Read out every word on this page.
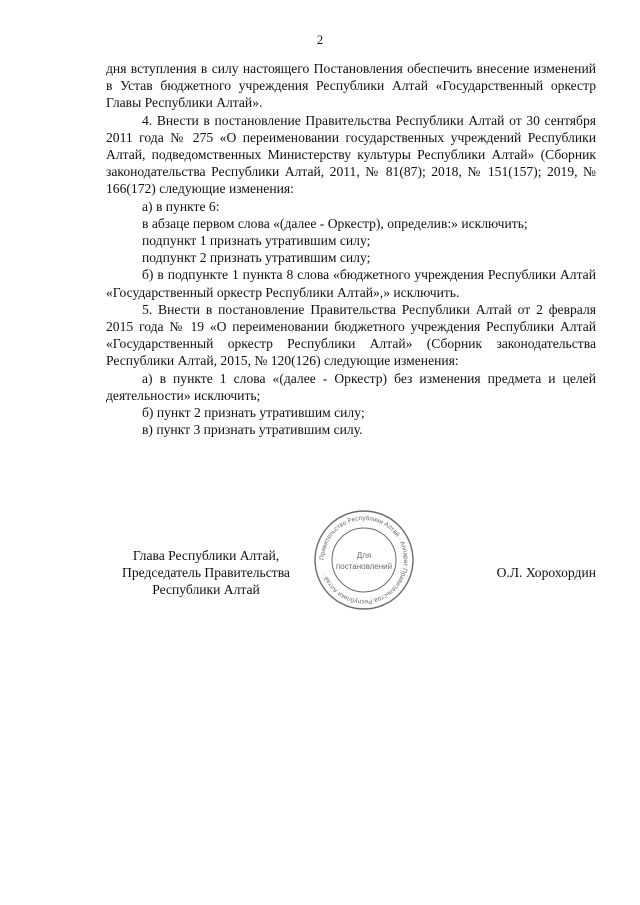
2

дня вступления в силу настоящего Постановления обеспечить внесение изменений в Устав бюджетного учреждения Республики Алтай «Государственный оркестр Главы Республики Алтай».

4. Внести в постановление Правительства Республики Алтай от 30 сентября 2011 года № 275 «О переименовании государственных учреждений Республики Алтай, подведомственных Министерству культуры Республики Алтай» (Сборник законодательства Республики Алтай, 2011, № 81(87); 2018, № 151(157); 2019, № 166(172) следующие изменения:

а) в пункте 6:

в абзаце первом слова «(далее - Оркестр), определив:» исключить;

подпункт 1 признать утратившим силу;

подпункт 2 признать утратившим силу;

б) в подпункте 1 пункта 8 слова «бюджетного учреждения Республики Алтай «Государственный оркестр Республики Алтай»,» исключить.

5. Внести в постановление Правительства Республики Алтай от 2 февраля 2015 года № 19 «О переименовании бюджетного учреждения Республики Алтай «Государственный оркестр Республики Алтай» (Сборник законодательства Республики Алтай, 2015, № 120(126) следующие изменения:

а) в пункте 1 слова «(далее - Оркестр) без изменения предмета и целей деятельности» исключить;

б) пункт 2 признать утратившим силу;

в) пункт 3 признать утратившим силу.

Глава Республики Алтай,
Председатель Правительства
Республики Алтай
О.Л. Хорохордин
Правительство Республики Алтай · Аппарат Правительства Республики Алтай ·
Для
постановлений
